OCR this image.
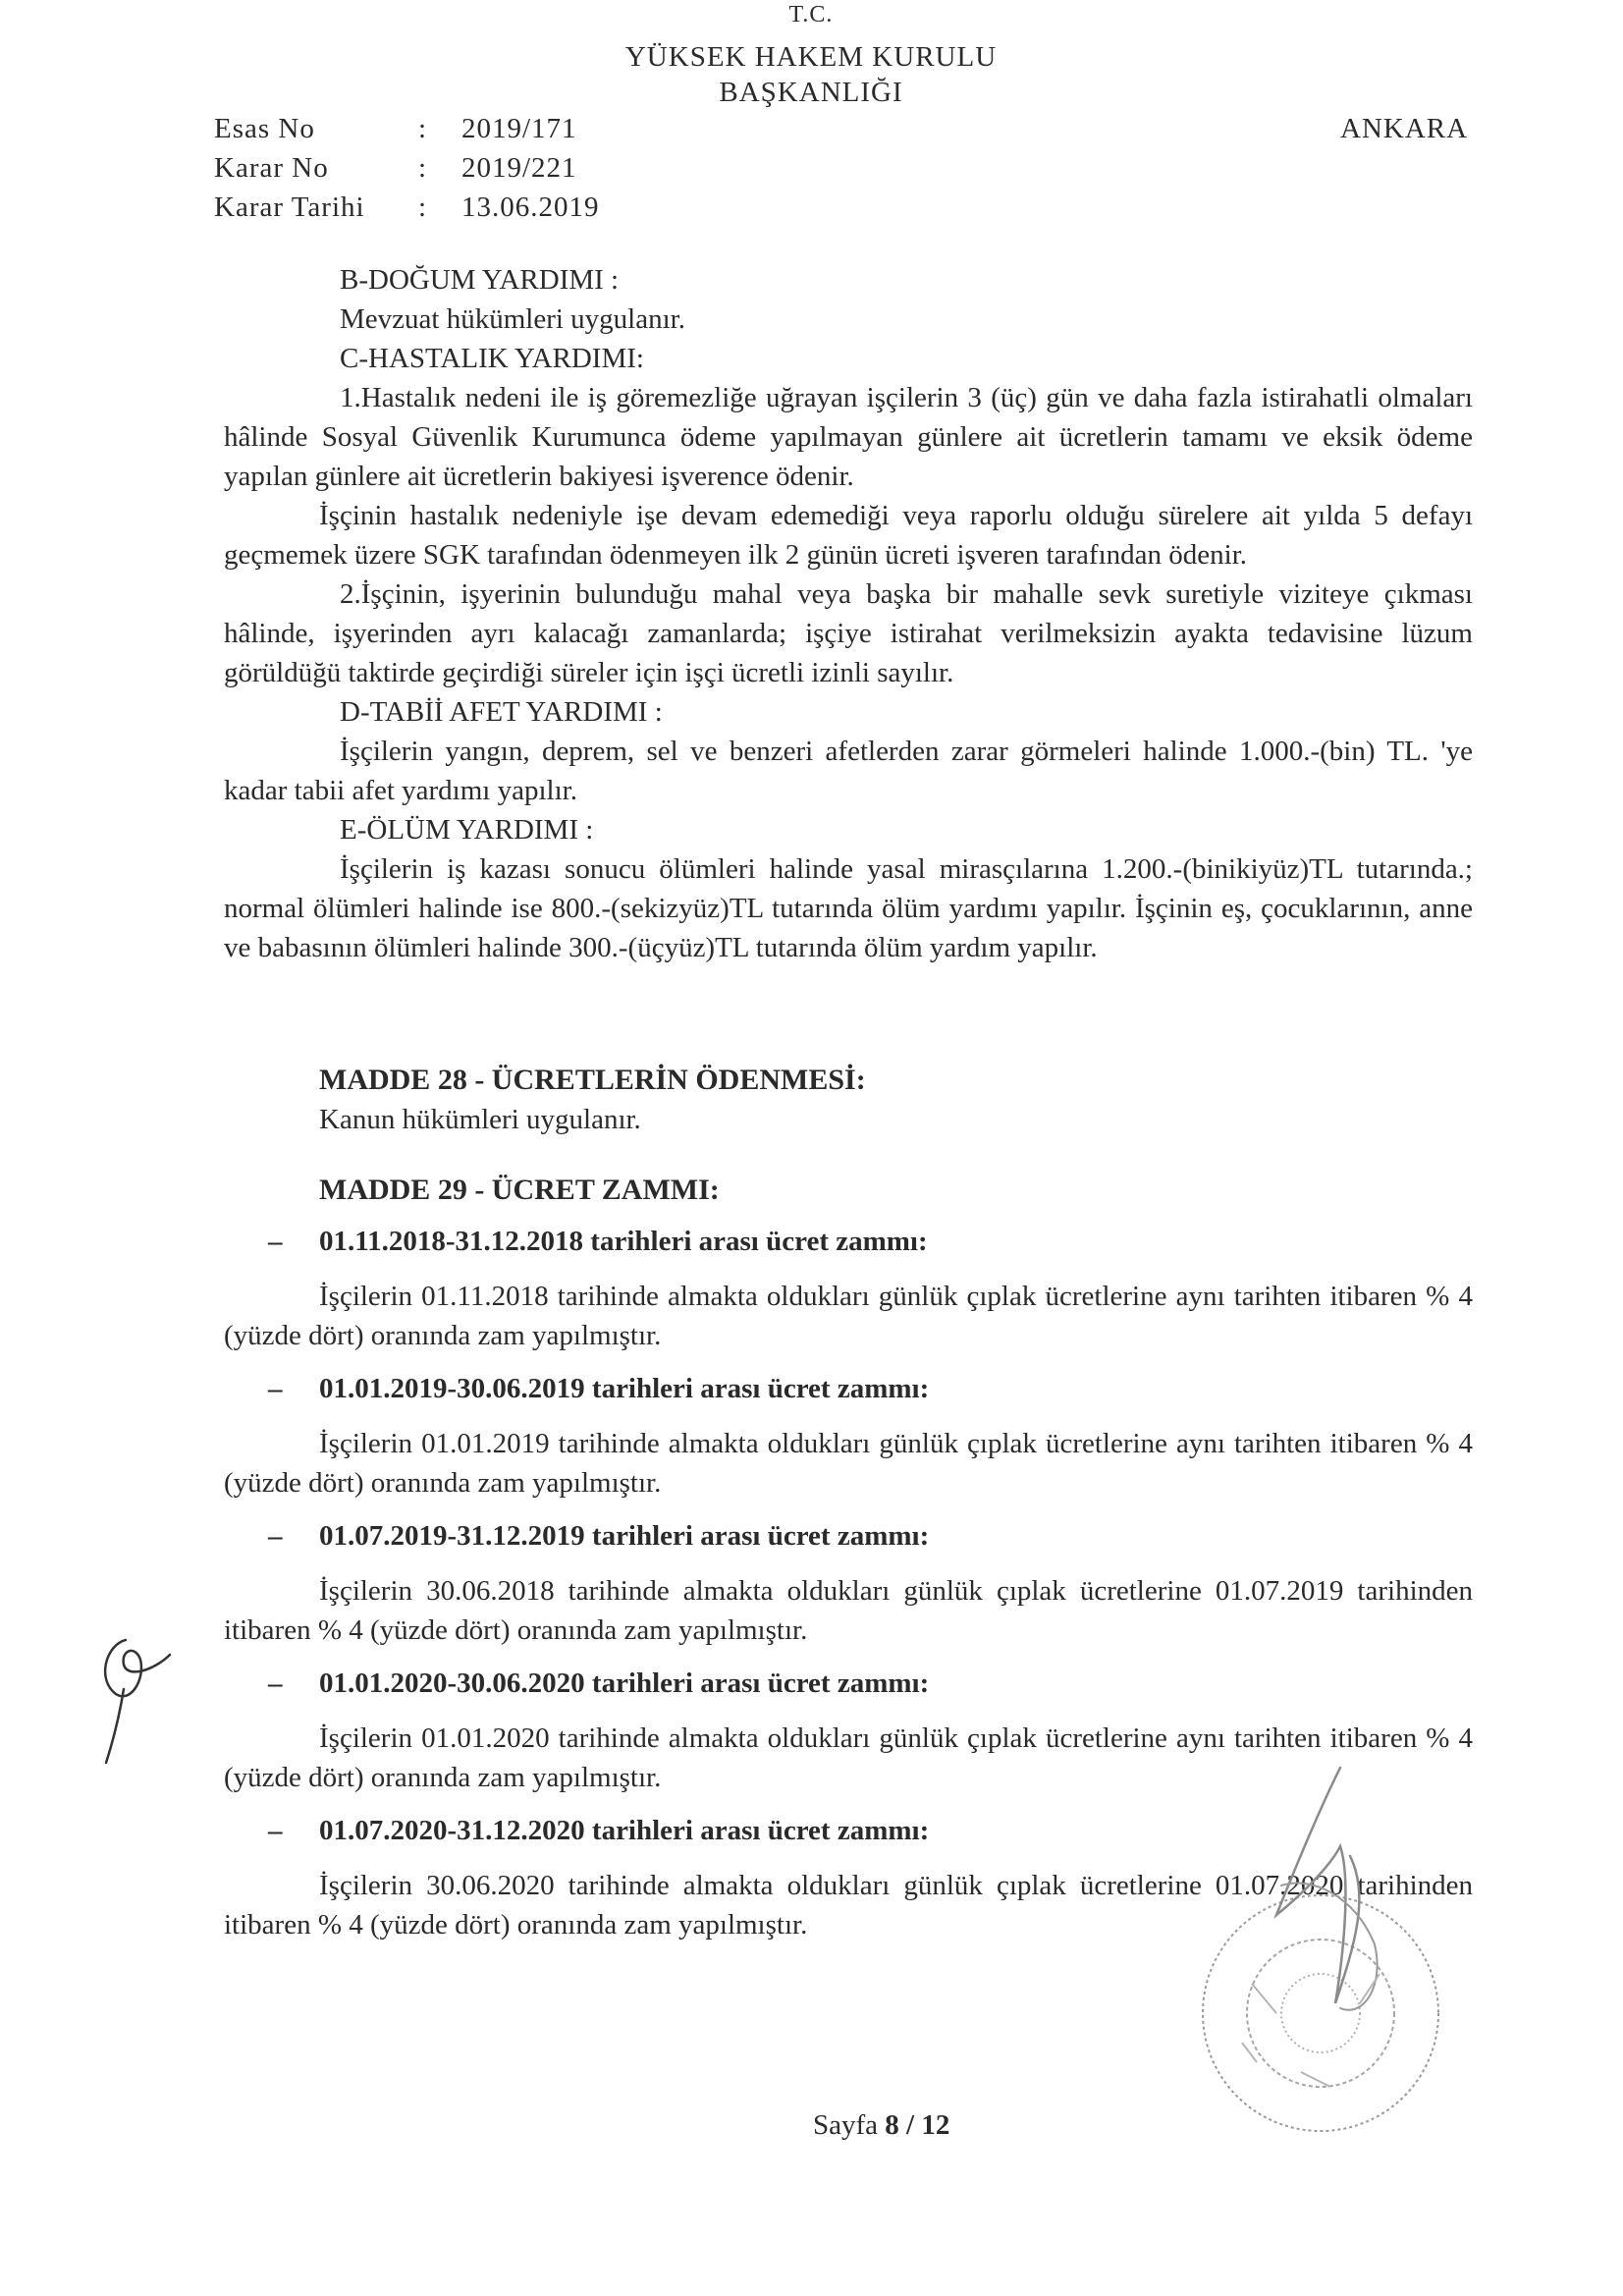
T.C.
YÜKSEK HAKEM KURULU
BAŞKANLIĞI
ANKARA
Esas No	: 2019/171
Karar No	: 2019/221
Karar Tarihi : 13.06.2019

B-DOĞUM YARDIMI :

Mevzuat hükümleri uygulanır.

C-HASTALIK YARDIMI:

1.Hastalık nedeni ile iş göremezliğe uğrayan işçilerin 3 (üç) gün ve daha fazla istirahatli olmaları hâlinde Sosyal Güvenlik Kurumunca ödeme yapılmayan günlere ait ücretlerin tamamı ve eksik ödeme yapılan günlere ait ücretlerin bakiyesi işverence ödenir.

İşçinin hastalık nedeniyle işe devam edemediği veya raporlu olduğu sürelere ait yılda 5 defayı geçmemek üzere SGK tarafından ödenmeyen ilk 2 günün ücreti işveren tarafından ödenir.

2.İşçinin, işyerinin bulunduğu mahal veya başka bir mahalle sevk suretiyle viziteye çıkması hâlinde, işyerinden ayrı kalacağı zamanlarda; işçiye istirahat verilmeksizin ayakta tedavisine lüzum görüldüğü taktirde geçirdiği süreler için işçi ücretli izinli sayılır.

D-TABİİ AFET YARDIMI :

İşçilerin yangın, deprem, sel ve benzeri afetlerden zarar görmeleri halinde 1.000.-(bin) TL. 'ye kadar tabii afet yardımı yapılır.

E-ÖLÜM YARDIMI :

İşçilerin iş kazası sonucu ölümleri halinde yasal mirasçılarına 1.200.-(binikiyüz)TL tutarında.; normal ölümleri halinde ise 800.-(sekizyüz)TL tutarında ölüm yardımı yapılır. İşçinin eş, çocuklarının, anne ve babasının ölümleri halinde 300.-(üçyüz)TL tutarında ölüm yardım yapılır.

MADDE 28 - ÜCRETLERİN ÖDENMESİ:

Kanun hükümleri uygulanır.

MADDE 29 - ÜCRET ZAMMI:

– 01.11.2018-31.12.2018 tarihleri arası ücret zammı:

İşçilerin 01.11.2018 tarihinde almakta oldukları günlük çıplak ücretlerine aynı tarihten itibaren % 4 (yüzde dört) oranında zam yapılmıştır.

– 01.01.2019-30.06.2019 tarihleri arası ücret zammı:

İşçilerin 01.01.2019 tarihinde almakta oldukları günlük çıplak ücretlerine aynı tarihten itibaren % 4 (yüzde dört) oranında zam yapılmıştır.

– 01.07.2019-31.12.2019 tarihleri arası ücret zammı:

İşçilerin 30.06.2018 tarihinde almakta oldukları günlük çıplak ücretlerine 01.07.2019 tarihinden itibaren % 4 (yüzde dört) oranında zam yapılmıştır.

– 01.01.2020-30.06.2020 tarihleri arası ücret zammı:

İşçilerin 01.01.2020 tarihinde almakta oldukları günlük çıplak ücretlerine aynı tarihten itibaren % 4 (yüzde dört) oranında zam yapılmıştır.

– 01.07.2020-31.12.2020 tarihleri arası ücret zammı:

İşçilerin 30.06.2020 tarihinde almakta oldukları günlük çıplak ücretlerine 01.07.2020 tarihinden itibaren % 4 (yüzde dört) oranında zam yapılmıştır.

Sayfa 8 / 12
